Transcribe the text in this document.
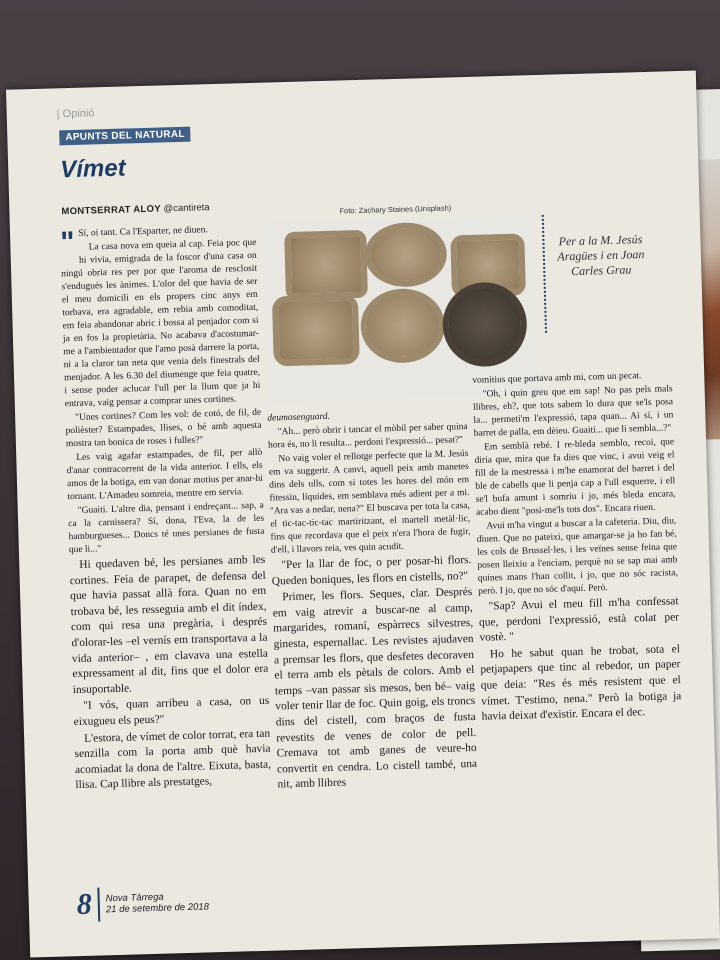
| Opinió
APUNTS DEL NATURAL
Vímet
MONTSERRAT ALOY @cantireta	Foto: Zachary Staines (Unsplash)
Per a la M. Jesús Aragües i en Joan Carles Grau

" Sí, oi tant. Ca l'Esparter, ne diuen.

La casa nova em queia al cap. Feia poc que hi vivia, emigrada de la foscor d'una casa on ningú obria res per por que l'aroma de resclosit s'endugués les ànimes. L'olor del que havia de ser el meu domicili en els propers cinc anys em torbava, era agradable, em rebia amb comoditat, em feia abandonar abric i bossa al penjador com si ja en fos la propietària. No acabava d'acostumar-me a l'ambientador que l'amo posà darrere la porta, ni a la claror tan neta que venia dels finestrals del menjador. A les 6.30 del diumenge que feia quatre, i sense poder aclucar l'ull per la llum que ja hi entrava, vaig pensar a comprar unes cortines.

"Unes cortines? Com les vol: de cotó, de fil, de polièster? Estampades, llises, o bé amb aquesta mostra tan bonica de roses i fulles?"

Les vaig agafar estampades, de fil, per allò d'anar contracorrent de la vida anterior. I ells, els amos de la botiga, em van donar motius per anar-hi tornant. L'Amadeu somreia, mentre em servia.

"Guaiti. L'altre dia, pensant i endreçant... sap, a ca la carnissera? Sí, dona, l'Eva, la de les hamburgueses... Doncs té unes persianes de fusta que li..."

Hi quedaven bé, les persianes amb les cortines. Feia de parapet, de defensa del que havia passat allà fora. Quan no em trobava bé, les resseguia amb el dit índex, com qui resa una pregària, i després d'olorar-les –el vernís em transportava a la vida anterior– , em clavava una estella expressament al dit, fins que el dolor era insuportable.

"I vós, quan arribeu a casa, on us eixugueu els peus?"

L'estora, de vímet de color torrat, era tan senzilla com la porta amb què havia acomiadat la dona de l'altre. Eixuta, basta, llisa. Cap llibre als prestatges,

deumosenguard.

"Ah... però obrir i tancar el mòbil per saber quina hora és, no li resulta... perdoni l'expressió... pesat?"

No vaig voler el rellotge perfecte que la M. Jesús em va suggerir. A canvi, aquell peix amb manetes dins dels ulls, com si totes les hores del món em fitessin, líquides, em semblava més adient per a mi. "Ara vas a nedar, nena?" El buscava per tota la casa, el tic-tac-tic-tac martiritzant, el martell metàl·lic, fins que recordava que el peix n'era l'hora de fugir, d'ell, i llavors reia, ves quin acudit.

"Per la llar de foc, o per posar-hi flors. Queden boniques, les flors en cistells, no?"

Primer, les flors. Seques, clar. Després em vaig atrevir a buscar-ne al camp, margarides, romaní, espàrrecs silvestres, ginesta, espernallac. Les revistes ajudaven a premsar les flors, que desfetes decoraven el terra amb els pètals de colors. Amb el temps –van passar sis mesos, ben bé– vaig voler tenir llar de foc. Quin goig, els troncs dins del cistell, com braços de fusta revestits de venes de color de pell. Cremava tot amb ganes de veure-ho convertit en cendra. Lo cistell també, una nit, amb llibres

vomitius que portava amb mi, com un pecat.

"Oh, i quin greu que em sap! No pas pels mals llibres, eh?, que tots sabem lo dura que se'ls posa la... permeti'm l'expressió, tapa quan... Ai sí, i un barret de palla, em dèieu. Guaiti... que li sembla...?"

Em semblà rebé. I re-bleda semblo, recoi, que diria que, mira que fa dies que vinc, i avui veig el fill de la mestressa i m'he enamorat del barret i del ble de cabells que li penja cap a l'ull esquerre, i ell se'l bufa amunt i somriu i jo, més bleda encara, acabo dient "posi-me'ls tots dos". Encara riuen.

Avui m'ha vingut a buscar a la cafeteria. Diu, diu, diuen. Que no pateixi, que amargar-se ja ho fan bé, les cols de Brussel·les, i les veïnes sense feina que posen lleixiu a l'enciam, perquè no se sap mai amb quines mans l'han collit, i jo, que no sóc racista, però. I jo, que no sóc d'aquí. Però.

"Sap? Avui el meu fill m'ha confessat que, perdoni l'expressió, està colat per vostè. "

Ho he sabut quan he trobat, sota el petjapapers que tinc al rebedor, un paper que deia: "Res és més resistent que el vímet. T'estimo, nena." Però la botiga ja havia deixat d'existir. Encara el dec.

8	Nova Tàrrega
21 de setembre de 2018
